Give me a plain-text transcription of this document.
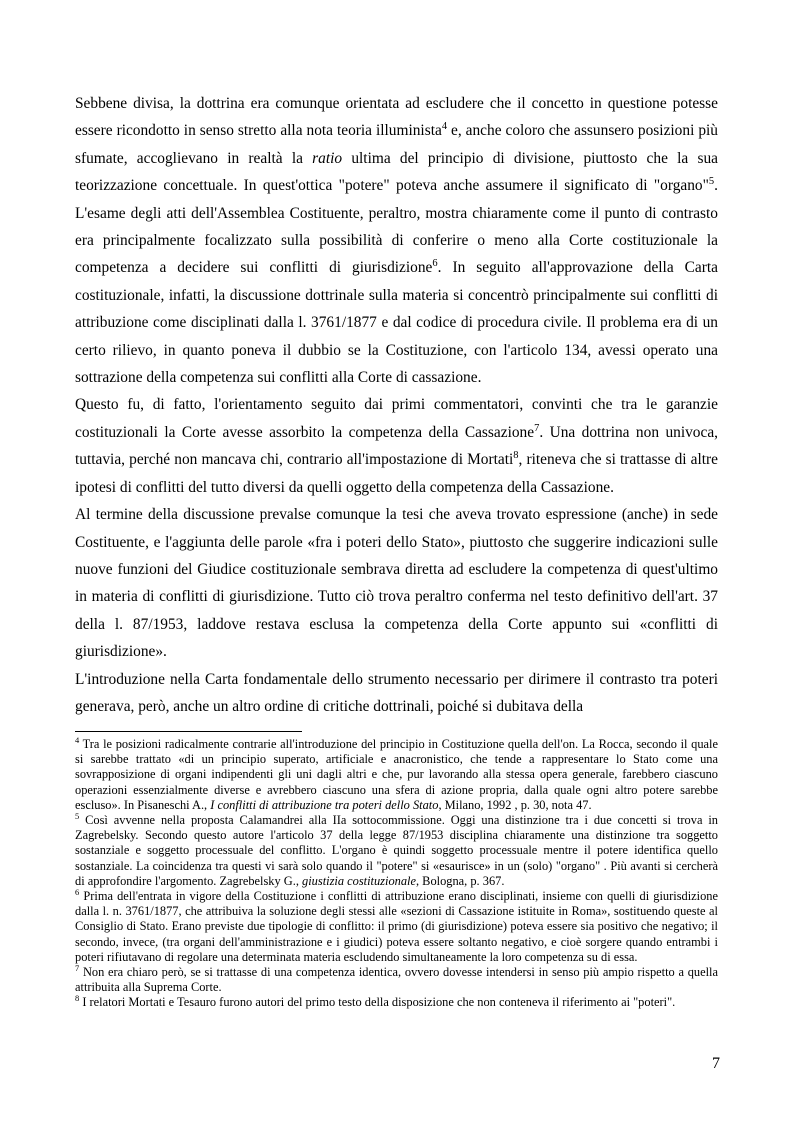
Sebbene divisa, la dottrina era comunque orientata ad escludere che il concetto in questione potesse essere ricondotto in senso stretto alla nota teoria illuminista$^4$ e, anche coloro che assunsero posizioni più sfumate, accoglievano in realtà la ratio ultima del principio di divisione, piuttosto che la sua teorizzazione concettuale. In quest'ottica "potere" poteva anche assumere il significato di "organo"$^5$. L'esame degli atti dell'Assemblea Costituente, peraltro, mostra chiaramente come il punto di contrasto era principalmente focalizzato sulla possibilità di conferire o meno alla Corte costituzionale la competenza a decidere sui conflitti di giurisdizione$^6$. In seguito all'approvazione della Carta costituzionale, infatti, la discussione dottrinale sulla materia si concentrò principalmente sui conflitti di attribuzione come disciplinati dalla l. 3761/1877 e dal codice di procedura civile. Il problema era di un certo rilievo, in quanto poneva il dubbio se la Costituzione, con l'articolo 134, avessi operato una sottrazione della competenza sui conflitti alla Corte di cassazione.

Questo fu, di fatto, l'orientamento seguito dai primi commentatori, convinti che tra le garanzie costituzionali la Corte avesse assorbito la competenza della Cassazione$^7$. Una dottrina non univoca, tuttavia, perché non mancava chi, contrario all'impostazione di Mortati$^8$, riteneva che si trattasse di altre ipotesi di conflitti del tutto diversi da quelli oggetto della competenza della Cassazione.

Al termine della discussione prevalse comunque la tesi che aveva trovato espressione (anche) in sede Costituente, e l'aggiunta delle parole «fra i poteri dello Stato», piuttosto che suggerire indicazioni sulle nuove funzioni del Giudice costituzionale sembrava diretta ad escludere la competenza di quest'ultimo in materia di conflitti di giurisdizione. Tutto ciò trova peraltro conferma nel testo definitivo dell'art. 37 della l. 87/1953, laddove restava esclusa la competenza della Corte appunto sui «conflitti di giurisdizione».

L'introduzione nella Carta fondamentale dello strumento necessario per dirimere il contrasto tra poteri generava, però, anche un altro ordine di critiche dottrinali, poiché si dubitava della

$^4$ Tra le posizioni radicalmente contrarie all'introduzione del principio in Costituzione quella dell'on. La Rocca, secondo il quale si sarebbe trattato «di un principio superato, artificiale e anacronistico, che tende a rappresentare lo Stato come una sovrapposizione di organi indipendenti gli uni dagli altri e che, pur lavorando alla stessa opera generale, farebbero ciascuno operazioni essenzialmente diverse e avrebbero ciascuno una sfera di azione propria, dalla quale ogni altro potere sarebbe escluso». In Pisaneschi A., I conflitti di attribuzione tra poteri dello Stato, Milano, 1992 , p. 30, nota 47.

$^5$ Così avvenne nella proposta Calamandrei alla IIa sottocommissione. Oggi una distinzione tra i due concetti si trova in Zagrebelsky. Secondo questo autore l'articolo 37 della legge 87/1953 disciplina chiaramente una distinzione tra soggetto sostanziale e soggetto processuale del conflitto. L'organo è quindi soggetto processuale mentre il potere identifica quello sostanziale. La coincidenza tra questi vi sarà solo quando il "potere" si «esaurisce» in un (solo) "organo" . Più avanti si cercherà di approfondire l'argomento. Zagrebelsky G., giustizia costituzionale, Bologna, p. 367.

$^6$ Prima dell'entrata in vigore della Costituzione i conflitti di attribuzione erano disciplinati, insieme con quelli di giurisdizione dalla l. n. 3761/1877, che attribuiva la soluzione degli stessi alle «sezioni di Cassazione istituite in Roma», sostituendo queste al Consiglio di Stato. Erano previste due tipologie di conflitto: il primo (di giurisdizione) poteva essere sia positivo che negativo; il secondo, invece, (tra organi dell'amministrazione e i giudici) poteva essere soltanto negativo, e cioè sorgere quando entrambi i poteri rifiutavano di regolare una determinata materia escludendo simultaneamente la loro competenza su di essa.

$^7$ Non era chiaro però, se si trattasse di una competenza identica, ovvero dovesse intendersi in senso più ampio rispetto a quella attribuita alla Suprema Corte.

$^8$ I relatori Mortati e Tesauro furono autori del primo testo della disposizione che non conteneva il riferimento ai "poteri".

7
